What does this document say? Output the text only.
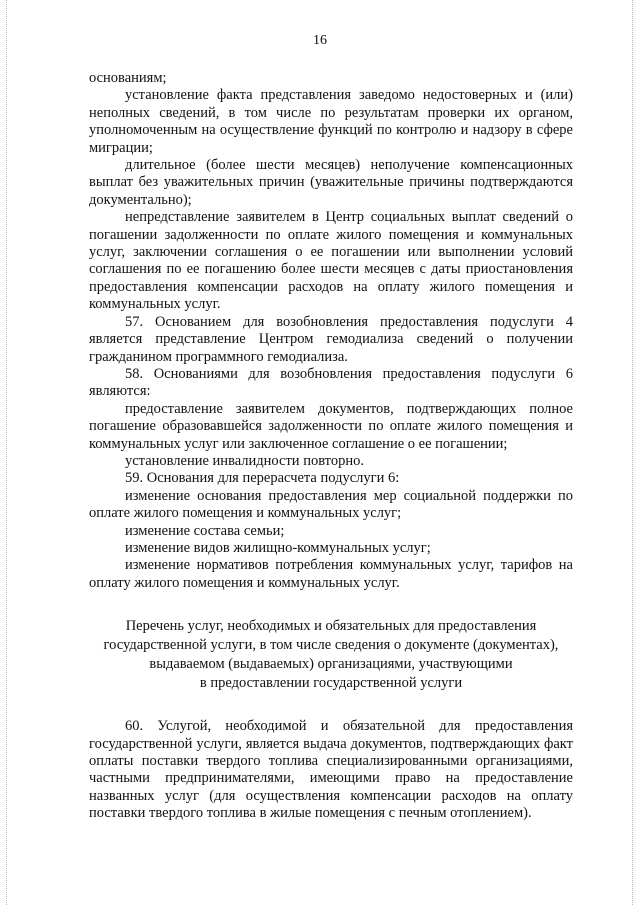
16

основаниям;

установление факта представления заведомо недостоверных и (или) неполных сведений, в том числе по результатам проверки их органом, уполномоченным на осуществление функций по контролю и надзору в сфере миграции;

длительное (более шести месяцев) неполучение компенсационных выплат без уважительных причин (уважительные причины подтверждаются документально);

непредставление заявителем в Центр социальных выплат сведений о погашении задолженности по оплате жилого помещения и коммунальных услуг, заключении соглашения о ее погашении или выполнении условий соглашения по ее погашению более шести месяцев с даты приостановления предоставления компенсации расходов на оплату жилого помещения и коммунальных услуг.

57. Основанием для возобновления предоставления подуслуги 4 является представление Центром гемодиализа сведений о получении гражданином программного гемодиализа.

58. Основаниями для возобновления предоставления подуслуги 6 являются:

предоставление заявителем документов, подтверждающих полное погашение образовавшейся задолженности по оплате жилого помещения и коммунальных услуг или заключенное соглашение о ее погашении;

установление инвалидности повторно.

59. Основания для перерасчета подуслуги 6:

изменение основания предоставления мер социальной поддержки по оплате жилого помещения и коммунальных услуг;

изменение состава семьи;

изменение видов жилищно-коммунальных услуг;

изменение нормативов потребления коммунальных услуг, тарифов на оплату жилого помещения и коммунальных услуг.

Перечень услуг, необходимых и обязательных для предоставления
государственной услуги, в том числе сведения о документе (документах),
выдаваемом (выдаваемых) организациями, участвующими
в предоставлении государственной услуги

60. Услугой, необходимой и обязательной для предоставления государственной услуги, является выдача документов, подтверждающих факт оплаты поставки твердого топлива специализированными организациями, частными предпринимателями, имеющими право на предоставление названных услуг (для осуществления компенсации расходов на оплату поставки твердого топлива в жилые помещения с печным отоплением).
